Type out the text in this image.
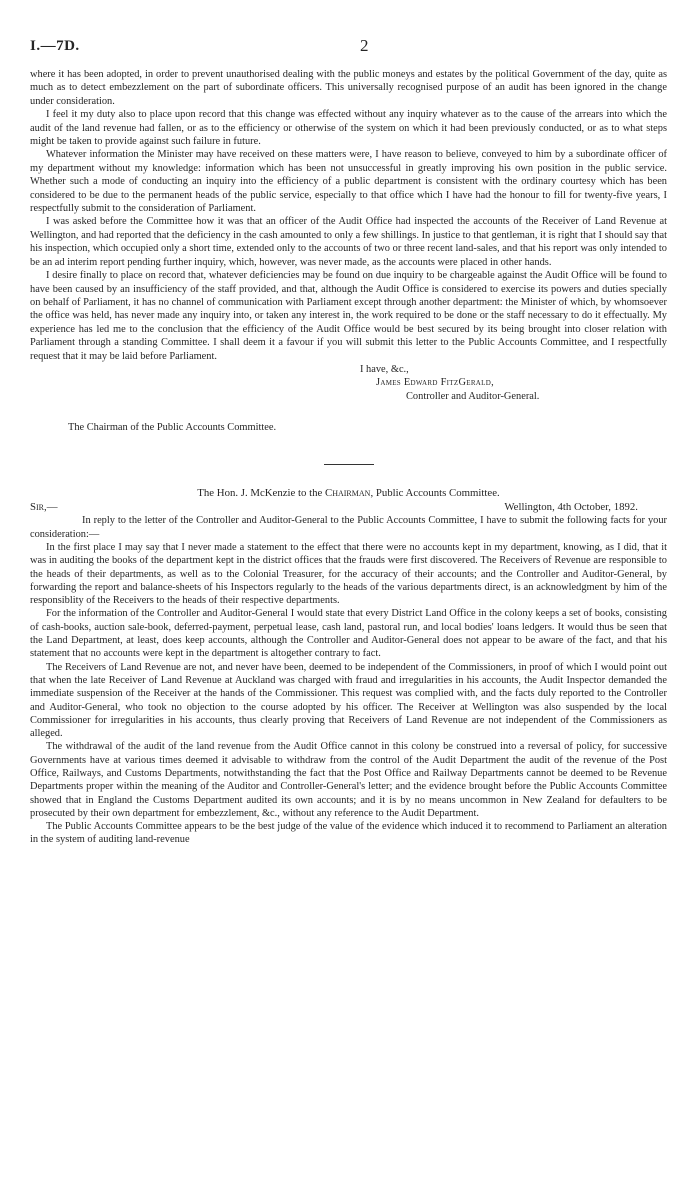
I.—7D.	2

where it has been adopted, in order to prevent unauthorised dealing with the public moneys and estates by the political Government of the day, quite as much as to detect embezzlement on the part of subordinate officers. This universally recognised purpose of an audit has been ignored in the change under consideration.

I feel it my duty also to place upon record that this change was effected without any inquiry whatever as to the cause of the arrears into which the audit of the land revenue had fallen, or as to the efficiency or otherwise of the system on which it had been previously conducted, or as to what steps might be taken to provide against such failure in future.

Whatever information the Minister may have received on these matters were, I have reason to believe, conveyed to him by a subordinate officer of my department without my knowledge: information which has been not unsuccessful in greatly improving his own position in the public service. Whether such a mode of conducting an inquiry into the efficiency of a public department is consistent with the ordinary courtesy which has been considered to be due to the permanent heads of the public service, especially to that office which I have had the honour to fill for twenty-five years, I respectfully submit to the consideration of Parliament.

I was asked before the Committee how it was that an officer of the Audit Office had inspected the accounts of the Receiver of Land Revenue at Wellington, and had reported that the deficiency in the cash amounted to only a few shillings. In justice to that gentleman, it is right that I should say that his inspection, which occupied only a short time, extended only to the accounts of two or three recent land-sales, and that his report was only intended to be an ad interim report pending further inquiry, which, however, was never made, as the accounts were placed in other hands.

I desire finally to place on record that, whatever deficiencies may be found on due inquiry to be chargeable against the Audit Office will be found to have been caused by an insufficiency of the staff provided, and that, although the Audit Office is considered to exercise its powers and duties specially on behalf of Parliament, it has no channel of communication with Parliament except through another department: the Minister of which, by whomsoever the office was held, has never made any inquiry into, or taken any interest in, the work required to be done or the staff necessary to do it effectually. My experience has led me to the conclusion that the efficiency of the Audit Office would be best secured by its being brought into closer relation with Parliament through a standing Committee. I shall deem it a favour if you will submit this letter to the Public Accounts Committee, and I respectfully request that it may be laid before Parliament.

I have, &c.,
James Edward FitzGerald,
Controller and Auditor-General.
The Chairman of the Public Accounts Committee.
The Hon. J. McKenzie to the Chairman, Public Accounts Committee.
Sir,—	Wellington, 4th October, 1892.

In reply to the letter of the Controller and Auditor-General to the Public Accounts Committee, I have to submit the following facts for your consideration:—

In the first place I may say that I never made a statement to the effect that there were no accounts kept in my department, knowing, as I did, that it was in auditing the books of the department kept in the district offices that the frauds were first discovered. The Receivers of Revenue are responsible to the heads of their departments, as well as to the Colonial Treasurer, for the accuracy of their accounts; and the Controller and Auditor-General, by forwarding the report and balance-sheets of his Inspectors regularly to the heads of the various departments direct, is an acknowledgment by him of the responsiblity of the Receivers to the heads of their respective departments.

For the information of the Controller and Auditor-General I would state that every District Land Office in the colony keeps a set of books, consisting of cash-books, auction sale-book, deferred-payment, perpetual lease, cash land, pastoral run, and local bodies' loans ledgers. It would thus be seen that the Land Department, at least, does keep accounts, although the Controller and Auditor-General does not appear to be aware of the fact, and that his statement that no accounts were kept in the department is altogether contrary to fact.

The Receivers of Land Revenue are not, and never have been, deemed to be independent of the Commissioners, in proof of which I would point out that when the late Receiver of Land Revenue at Auckland was charged with fraud and irregularities in his accounts, the Audit Inspector demanded the immediate suspension of the Receiver at the hands of the Commissioner. This request was complied with, and the facts duly reported to the Controller and Auditor-General, who took no objection to the course adopted by his officer. The Receiver at Wellington was also suspended by the local Commissioner for irregularities in his accounts, thus clearly proving that Receivers of Land Revenue are not independent of the Commissioners as alleged.

The withdrawal of the audit of the land revenue from the Audit Office cannot in this colony be construed into a reversal of policy, for successive Governments have at various times deemed it advisable to withdraw from the control of the Audit Department the audit of the revenue of the Post Office, Railways, and Customs Departments, notwithstanding the fact that the Post Office and Railway Departments cannot be deemed to be Revenue Departments proper within the meaning of the Auditor and Controller-General's letter; and the evidence brought before the Public Accounts Committee showed that in England the Customs Department audited its own accounts; and it is by no means uncommon in New Zealand for defaulters to be prosecuted by their own department for embezzlement, &c., without any reference to the Audit Department.

The Public Accounts Committee appears to be the best judge of the value of the evidence which induced it to recommend to Parliament an alteration in the system of auditing land-revenue
